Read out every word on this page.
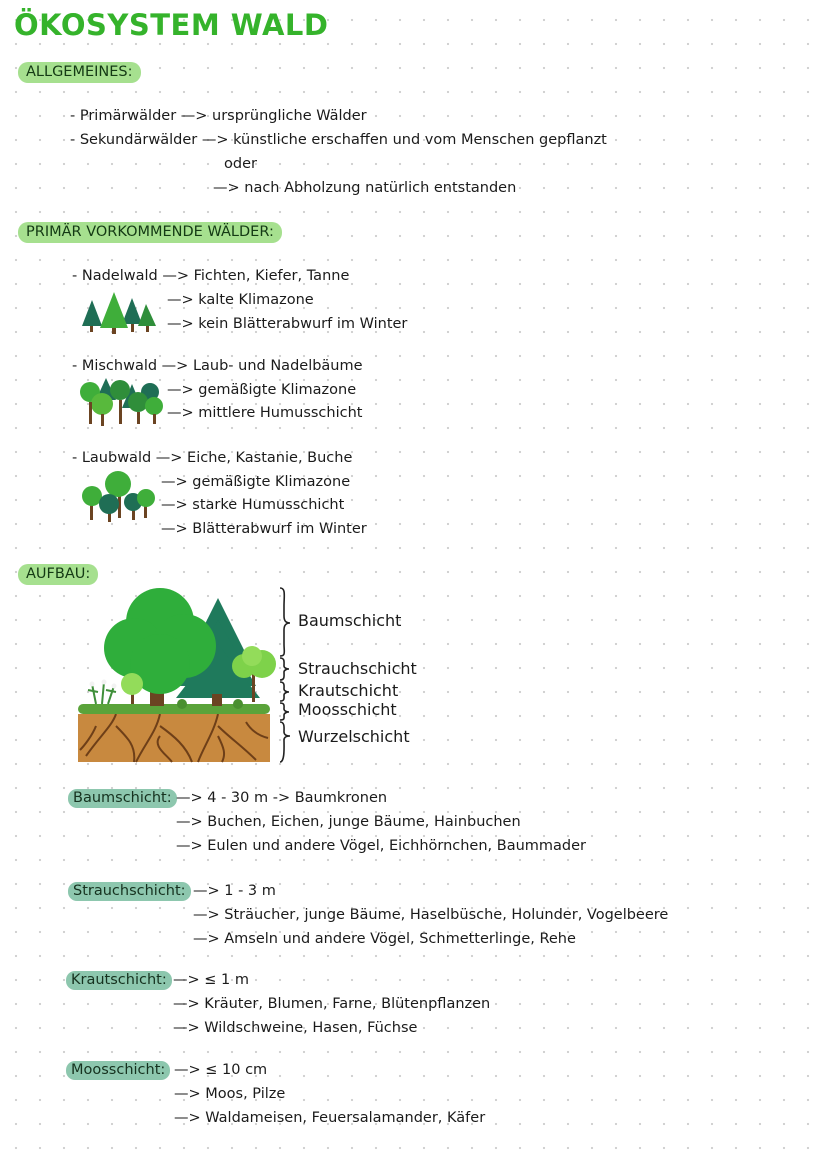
ÖKOSYSTEM WALD
ALLGEMEINES:
- Primärwälder —> ursprüngliche Wälder
- Sekundärwälder —> künstliche erschaffen und vom Menschen gepflanzt
oder
—> nach Abholzung natürlich entstanden
PRIMÄR VORKOMMENDE WÄLDER:
- Nadelwald —> Fichten, Kiefer, Tanne
—> kalte Klimazone
—> kein Blätterabwurf im Winter
- Mischwald —> Laub- und Nadelbäume
—> gemäßigte Klimazone
—> mittlere Humusschicht
- Laubwald —> Eiche, Kastanie, Buche
—> gemäßigte Klimazone
—> starke Humusschicht
—> Blätterabwurf im Winter
AUFBAU:
Baumschicht
Strauchschicht
Krautschicht
Moosschicht
Wurzelschicht
Baumschicht: —> 4 - 30 m -> Baumkronen
—> Buchen, Eichen, junge Bäume, Hainbuchen
—> Eulen und andere Vögel, Eichhörnchen, Baummader
Strauchschicht: —> 1 - 3 m
—> Sträucher, junge Bäume, Haselbüsche, Holunder, Vogelbeere
—> Amseln und andere Vögel, Schmetterlinge, Rehe
Krautschicht: —> ≤ 1 m
—> Kräuter, Blumen, Farne, Blütenpflanzen
—> Wildschweine, Hasen, Füchse
Moosschicht: —> ≤ 10 cm
—> Moos, Pilze
—> Waldameisen, Feuersalamander, Käfer
